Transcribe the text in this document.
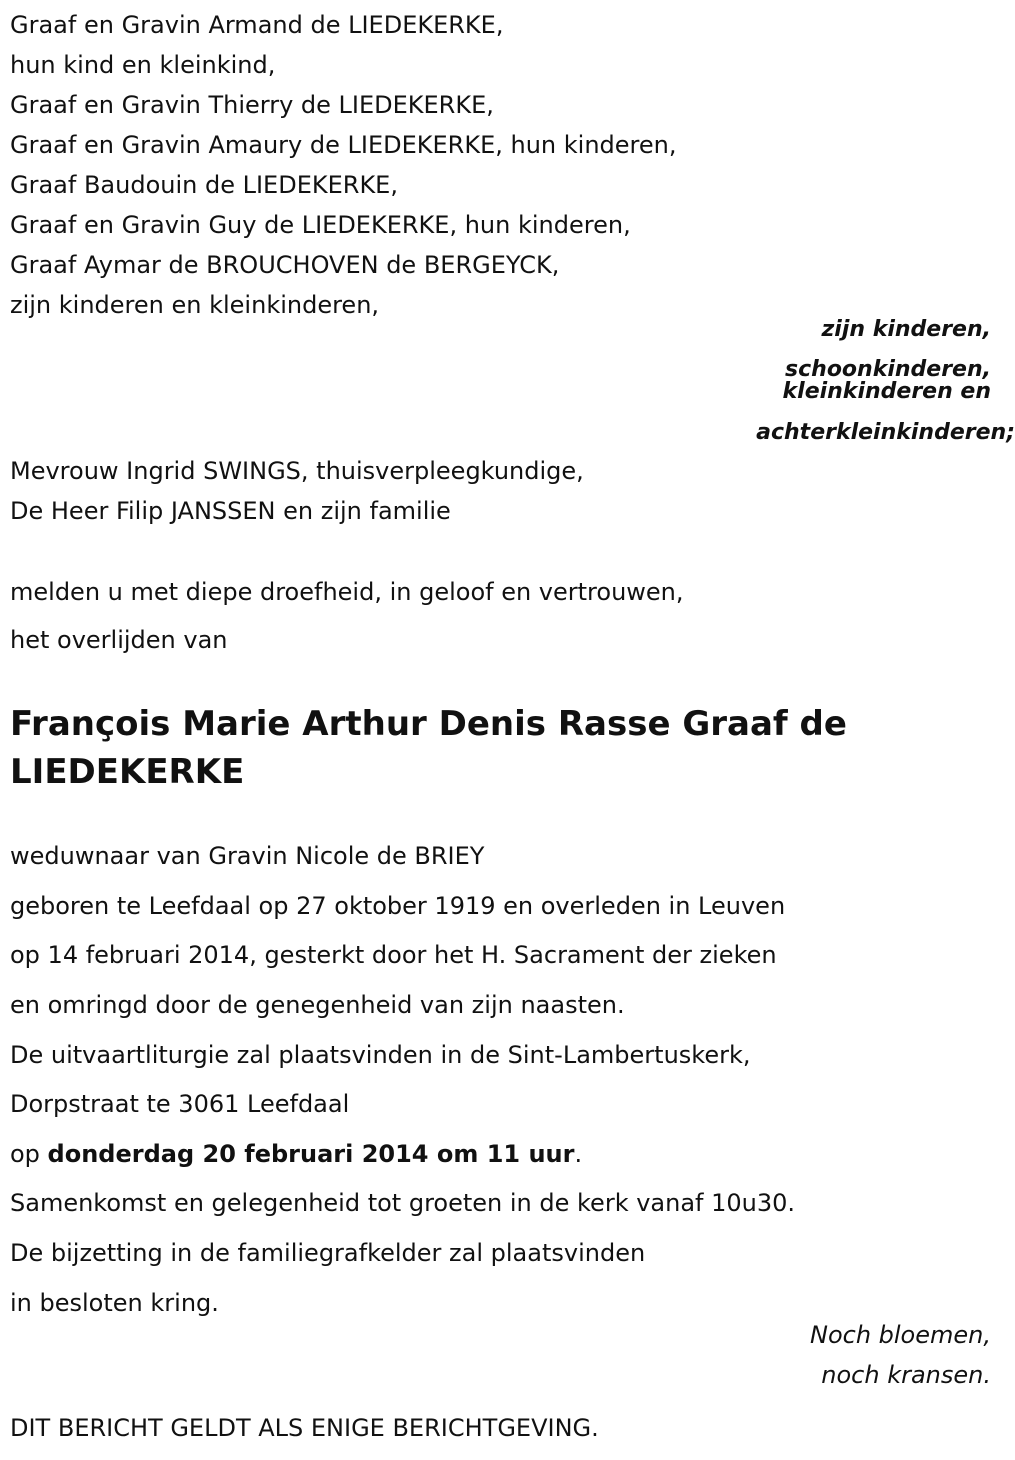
Graaf en Gravin Armand de LIEDEKERKE,
hun kind en kleinkind,
Graaf en Gravin Thierry de LIEDEKERKE,
Graaf en Gravin Amaury de LIEDEKERKE, hun kinderen,
Graaf Baudouin de LIEDEKERKE,
Graaf en Gravin Guy de LIEDEKERKE, hun kinderen,
Graaf Aymar de BROUCHOVEN de BERGEYCK,
zijn kinderen en kleinkinderen,
zijn kinderen,
schoonkinderen,
kleinkinderen en
achterkleinkinderen;
Mevrouw Ingrid SWINGS, thuisverpleegkundige,
De Heer Filip JANSSEN en zijn familie
melden u met diepe droefheid, in geloof en vertrouwen,
het overlijden van
François Marie Arthur Denis Rasse Graaf de LIEDEKERKE
weduwnaar van Gravin Nicole de BRIEY
geboren te Leefdaal op 27 oktober 1919 en overleden in Leuven
op 14 februari 2014, gesterkt door het H. Sacrament der zieken
en omringd door de genegenheid van zijn naasten.
De uitvaartliturgie zal plaatsvinden in de Sint-Lambertuskerk,
Dorpstraat te 3061 Leefdaal
op donderdag 20 februari 2014 om 11 uur.
Samenkomst en gelegenheid tot groeten in de kerk vanaf 10u30.
De bijzetting in de familiegrafkelder zal plaatsvinden
in besloten kring.
Noch bloemen,
noch kransen.
DIT BERICHT GELDT ALS ENIGE BERICHTGEVING.
